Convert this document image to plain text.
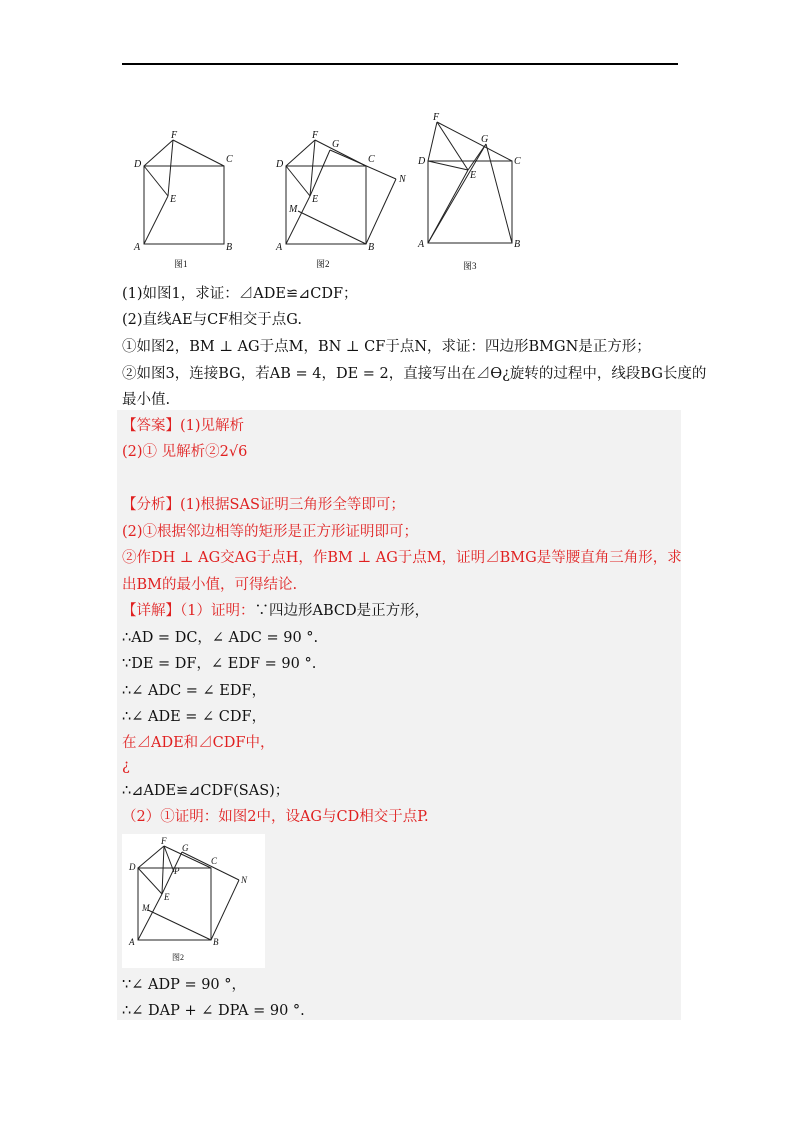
F
D	C
E
A	B
F
G
D	C
N
E
M
A	B
F
G
D	C
E
A	B
图1	图2	图3
(1)如图1，求证：⊿ADE≌⊿CDF；
(2)直线AE与CF相交于点G.
①如图2，BM ⊥ AG于点M，BN ⊥ CF于点N，求证：四边形BMGN是正方形；
②如图3，连接BG，若AB = 4，DE = 2，直接写出在⊿Ɵ¿旋转的过程中，线段BG长度的
最小值.
【答案】(1)见解析
(2)① 见解析②2√6
【分析】(1)根据SAS证明三角形全等即可；
(2)①根据邻边相等的矩形是正方形证明即可；
②作DH ⊥ AG交AG于点H，作BM ⊥ AG于点M，证明⊿BMG是等腰直角三角形，求
出BM的最小值，可得结论.
【详解】（1）证明：∵四边形ABCD是正方形，
∴AD = DC，∠ ADC = 90 °.
∵DE = DF，∠ EDF = 90 °.
∴∠ ADC = ∠ EDF，
∴∠ ADE = ∠ CDF，
在⊿ADE和⊿CDF中，
¿
∴⊿ADE≌⊿CDF(SAS)；
（2）①证明：如图2中，设AG与CD相交于点P.
F
G
D
C
P
N
E
M
A	B
图2
∵∠ ADP = 90 °，
∴∠ DAP + ∠ DPA = 90 °.
